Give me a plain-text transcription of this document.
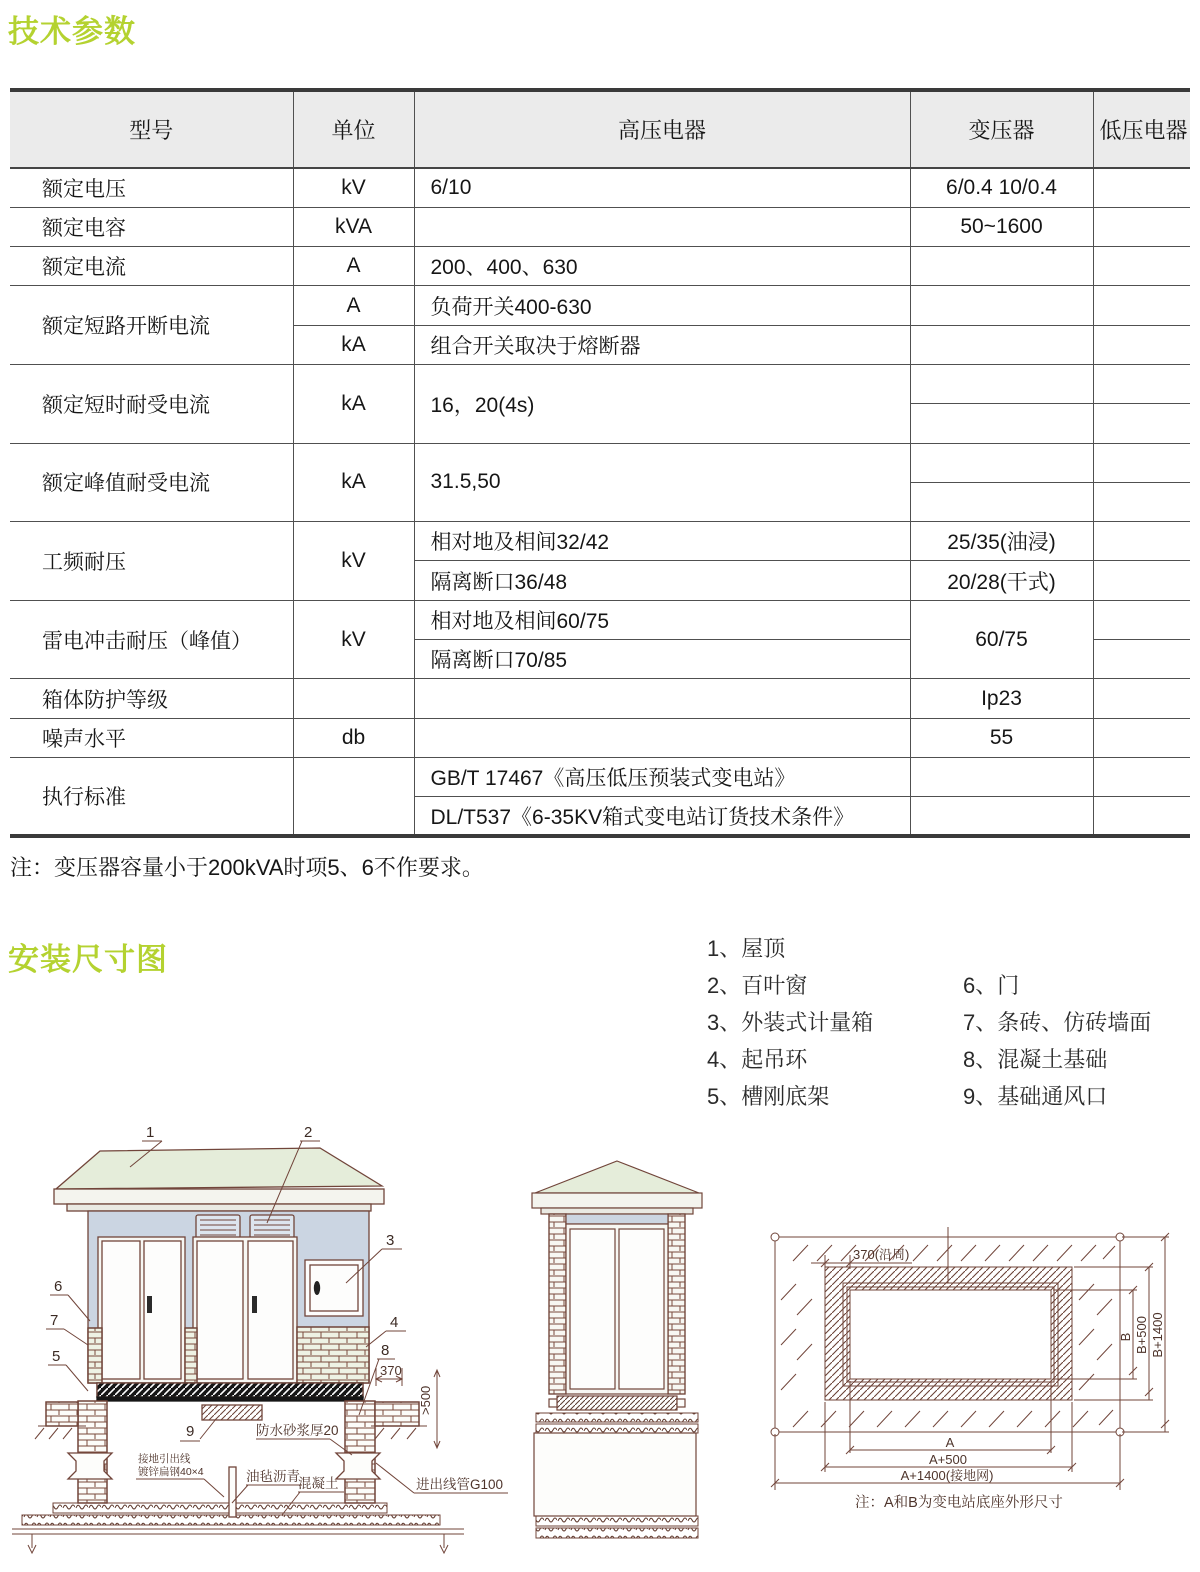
技术参数
型号	单位	高压电器	变压器	低压电器
额定电压	kV	6/10	6/0.4 10/0.4	
额定电容	kVA		50~1600	
额定电流	A	200、400、630		
额定短路开断电流	A	负荷开关400-630		
	kA	组合开关取决于熔断器		
额定短时耐受电流	kA	16，20(4s)		

额定峰值耐受电流	kA	31.5,50		

工频耐压	kV	相对地及相间32/42	25/35(油浸)	
		隔离断口36/48	20/28(干式)	
雷电冲击耐压（峰值）	kV	相对地及相间60/75	60/75	
		隔离断口70/85		
箱体防护等级			Ip23	
噪声水平	db		55	
执行标准		GB/T 17467《高压低压预装式变电站》		
		DL/T537《6-35KV箱式变电站订货技术条件》		

注：变压器容量小于200kVA时项5、6不作要求。

安装尺寸图	1、屋顶
2、百叶窗
3、外装式计量箱
4、起吊环
5、槽刚底架
6、门
7、条砖、仿砖墙面
8、混凝土基础
9、基础通风口
1	2
3
6
7
5
4
8
9
370
>500
防水砂浆厚20
接地引出线
镀锌扁钢40×4	油毡沥青
混凝土	进出线管G100
370(沿周)
B B+500 B+1400
A
A+500
A+1400(接地网)
注：A和B为变电站底座外形尺寸
